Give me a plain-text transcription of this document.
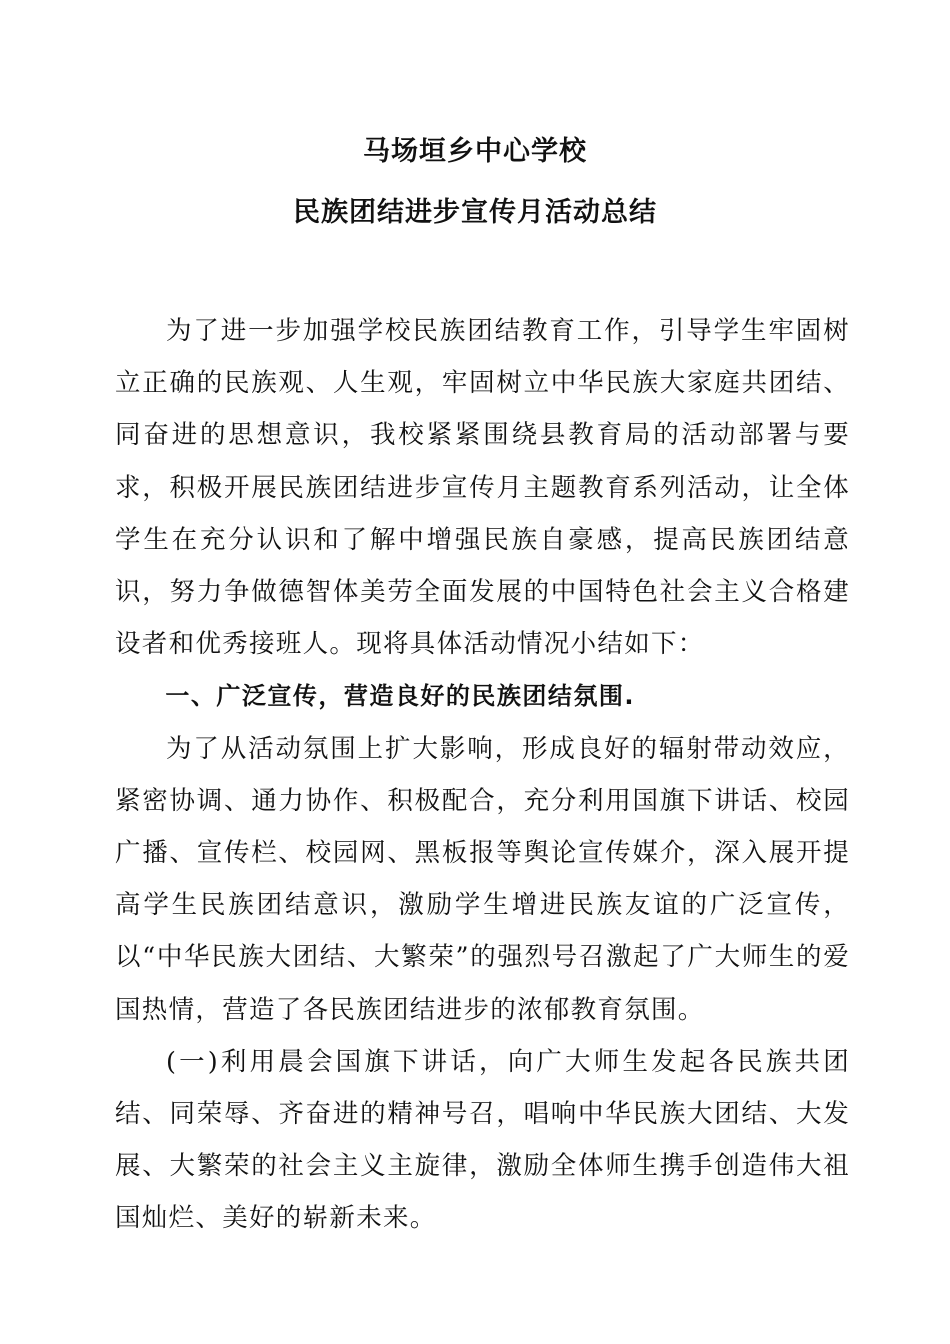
马场垣乡中心学校
民族团结进步宣传月活动总结

为了进一步加强学校民族团结教育工作，引导学生牢固树立正确的民族观、人生观，牢固树立中华民族大家庭共团结、同奋进的思想意识，我校紧紧围绕县教育局的活动部署与要求，积极开展民族团结进步宣传月主题教育系列活动，让全体学生在充分认识和了解中增强民族自豪感，提高民族团结意识，努力争做德智体美劳全面发展的中国特色社会主义合格建设者和优秀接班人。现将具体活动情况小结如下：

一、广泛宣传，营造良好的民族团结氛围.

为了从活动氛围上扩大影响，形成良好的辐射带动效应，紧密协调、通力协作、积极配合，充分利用国旗下讲话、校园广播、宣传栏、校园网、黑板报等舆论宣传媒介，深入展开提高学生民族团结意识，激励学生增进民族友谊的广泛宣传，以“中华民族大团结、大繁荣”的强烈号召激起了广大师生的爱国热情，营造了各民族团结进步的浓郁教育氛围。

(一)利用晨会国旗下讲话，向广大师生发起各民族共团结、同荣辱、齐奋进的精神号召，唱响中华民族大团结、大发展、大繁荣的社会主义主旋律，激励全体师生携手创造伟大祖国灿烂、美好的崭新未来。
